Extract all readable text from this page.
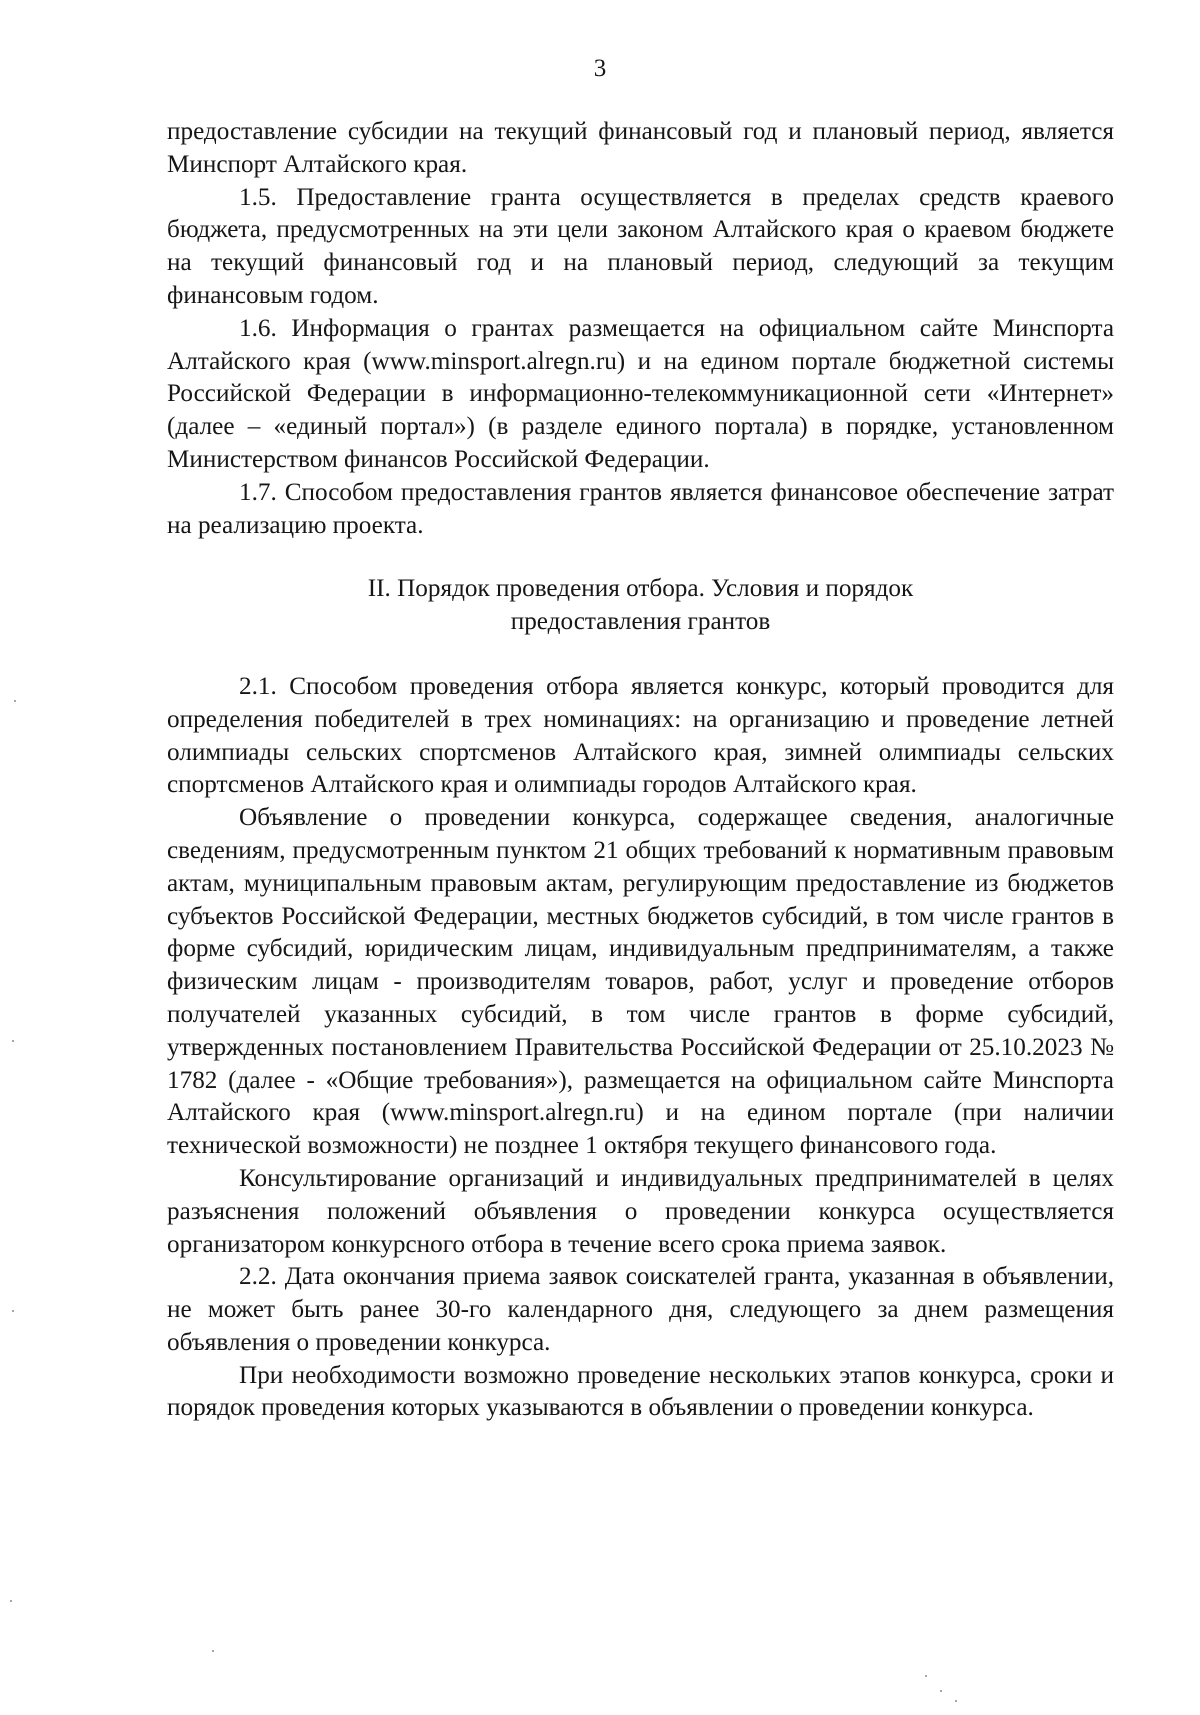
3

предоставление субсидии на текущий финансовый год и плановый период, является Минспорт Алтайского края.

1.5. Предоставление гранта осуществляется в пределах средств краевого бюджета, предусмотренных на эти цели законом Алтайского края о краевом бюджете на текущий финансовый год и на плановый период, следующий за текущим финансовым годом.

1.6. Информация о грантах размещается на официальном сайте Минспорта Алтайского края (www.minsport.alregn.ru) и на едином портале бюджетной системы Российской Федерации в информационно-телекоммуникационной сети «Интернет» (далее – «единый портал») (в разделе единого портала) в порядке, установленном Министерством финансов Российской Федерации.

1.7. Способом предоставления грантов является финансовое обеспечение затрат на реализацию проекта.

II. Порядок проведения отбора. Условия и порядок
предоставления грантов

2.1. Способом проведения отбора является конкурс, который проводится для определения победителей в трех номинациях: на организацию и проведение летней олимпиады сельских спортсменов Алтайского края, зимней олимпиады сельских спортсменов Алтайского края и олимпиады городов Алтайского края.

Объявление о проведении конкурса, содержащее сведения, аналогичные сведениям, предусмотренным пунктом 21 общих требований к нормативным правовым актам, муниципальным правовым актам, регулирующим предоставление из бюджетов субъектов Российской Федерации, местных бюджетов субсидий, в том числе грантов в форме субсидий, юридическим лицам, индивидуальным предпринимателям, а также физическим лицам - производителям товаров, работ, услуг и проведение отборов получателей указанных субсидий, в том числе грантов в форме субсидий, утвержденных постановлением Правительства Российской Федерации от 25.10.2023 № 1782 (далее - «Общие требования»), размещается на официальном сайте Минспорта Алтайского края (www.minsport.alregn.ru) и на едином портале (при наличии технической возможности) не позднее 1 октября текущего финансового года.

Консультирование организаций и индивидуальных предпринимателей в целях разъяснения положений объявления о проведении конкурса осуществляется организатором конкурсного отбора в течение всего срока приема заявок.

2.2. Дата окончания приема заявок соискателей гранта, указанная в объявлении, не может быть ранее 30-го календарного дня, следующего за днем размещения объявления о проведении конкурса.

При необходимости возможно проведение нескольких этапов конкурса, сроки и порядок проведения которых указываются в объявлении о проведении конкурса.
